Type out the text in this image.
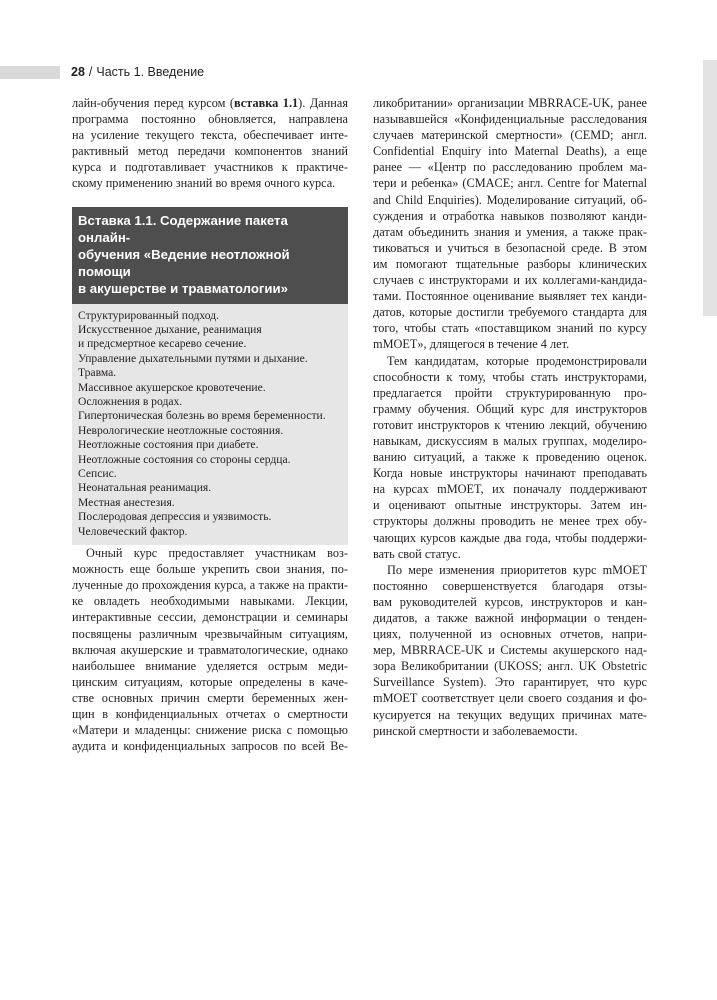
28 / Часть 1. Введение

лайн-обучения перед курсом (вставка 1.1). Данная
программа постоянно обновляется, направлена
на усиление текущего текста, обеспечивает инте-
рактивный метод передачи компонентов знаний
курса и подготавливает участников к практиче-
скому применению знаний во время очного курса.

Вставка 1.1. Содержание пакета онлайн-
обучения «Ведение неотложной помощи
в акушерстве и травматологии»
Структурированный подход.
Искусственное дыхание, реанимация
и предсмертное кесарево сечение.
Управление дыхательными путями и дыхание.
Травма.
Массивное акушерское кровотечение.
Осложнения в родах.
Гипертоническая болезнь во время беременности.
Неврологические неотложные состояния.
Неотложные состояния при диабете.
Неотложные состояния со стороны сердца.
Сепсис.
Неонатальная реанимация.
Местная анестезия.
Послеродовая депрессия и уязвимость.
Человеческий фактор.

Очный курс предоставляет участникам воз-
можность еще больше укрепить свои знания, по-
лученные до прохождения курса, а также на практи-
ке овладеть необходимыми навыками. Лекции,
интерактивные сессии, демонстрации и семинары
посвящены различным чрезвычайным ситуациям,
включая акушерские и травматологические, однако
наибольшее внимание уделяется острым меди-
цинским ситуациям, которые определены в каче-
стве основных причин смерти беременных жен-
щин в конфиденциальных отчетах о смертности
«Матери и младенцы: снижение риска с помощью
аудита и конфиденциальных запросов по всей Ве-

ликобритании» организации MBRRACE-UK, ранее
называвшейся «Конфиденциальные расследования
случаев материнской смертности» (CEMD; англ.
Confidential Enquiry into Maternal Deaths), а еще
ранее — «Центр по расследованию проблем ма-
тери и ребенка» (CMACE; англ. Centre for Maternal
and Child Enquiries). Моделирование ситуаций, об-
суждения и отработка навыков позволяют канди-
датам объединить знания и умения, а также прак-
тиковаться и учиться в безопасной среде. В этом
им помогают тщательные разборы клинических
случаев с инструкторами и их коллегами-кандида-
тами. Постоянное оценивание выявляет тех канди-
датов, которые достигли требуемого стандарта для
того, чтобы стать «поставщиком знаний по курсу
mMOET», длящегося в течение 4 лет.

Тем кандидатам, которые продемонстрировали
способности к тому, чтобы стать инструкторами,
предлагается пройти структурированную про-
грамму обучения. Общий курс для инструкторов
готовит инструкторов к чтению лекций, обучению
навыкам, дискуссиям в малых группах, моделиро-
ванию ситуаций, а также к проведению оценок.
Когда новые инструкторы начинают преподавать
на курсах mMOET, их поначалу поддерживают
и оценивают опытные инструкторы. Затем ин-
структоры должны проводить не менее трех обу-
чающих курсов каждые два года, чтобы поддержи-
вать свой статус.

По мере изменения приоритетов курс mMOET
постоянно совершенствуется благодаря отзы-
вам руководителей курсов, инструкторов и кан-
дидатов, а также важной информации о тенден-
циях, полученной из основных отчетов, напри-
мер, MBRRACE-UK и Системы акушерского над-
зора Великобритании (UKOSS; англ. UK Obstetric
Surveillance System). Это гарантирует, что курс
mMOET соответствует цели своего создания и фо-
кусируется на текущих ведущих причинах мате-
ринской смертности и заболеваемости.
